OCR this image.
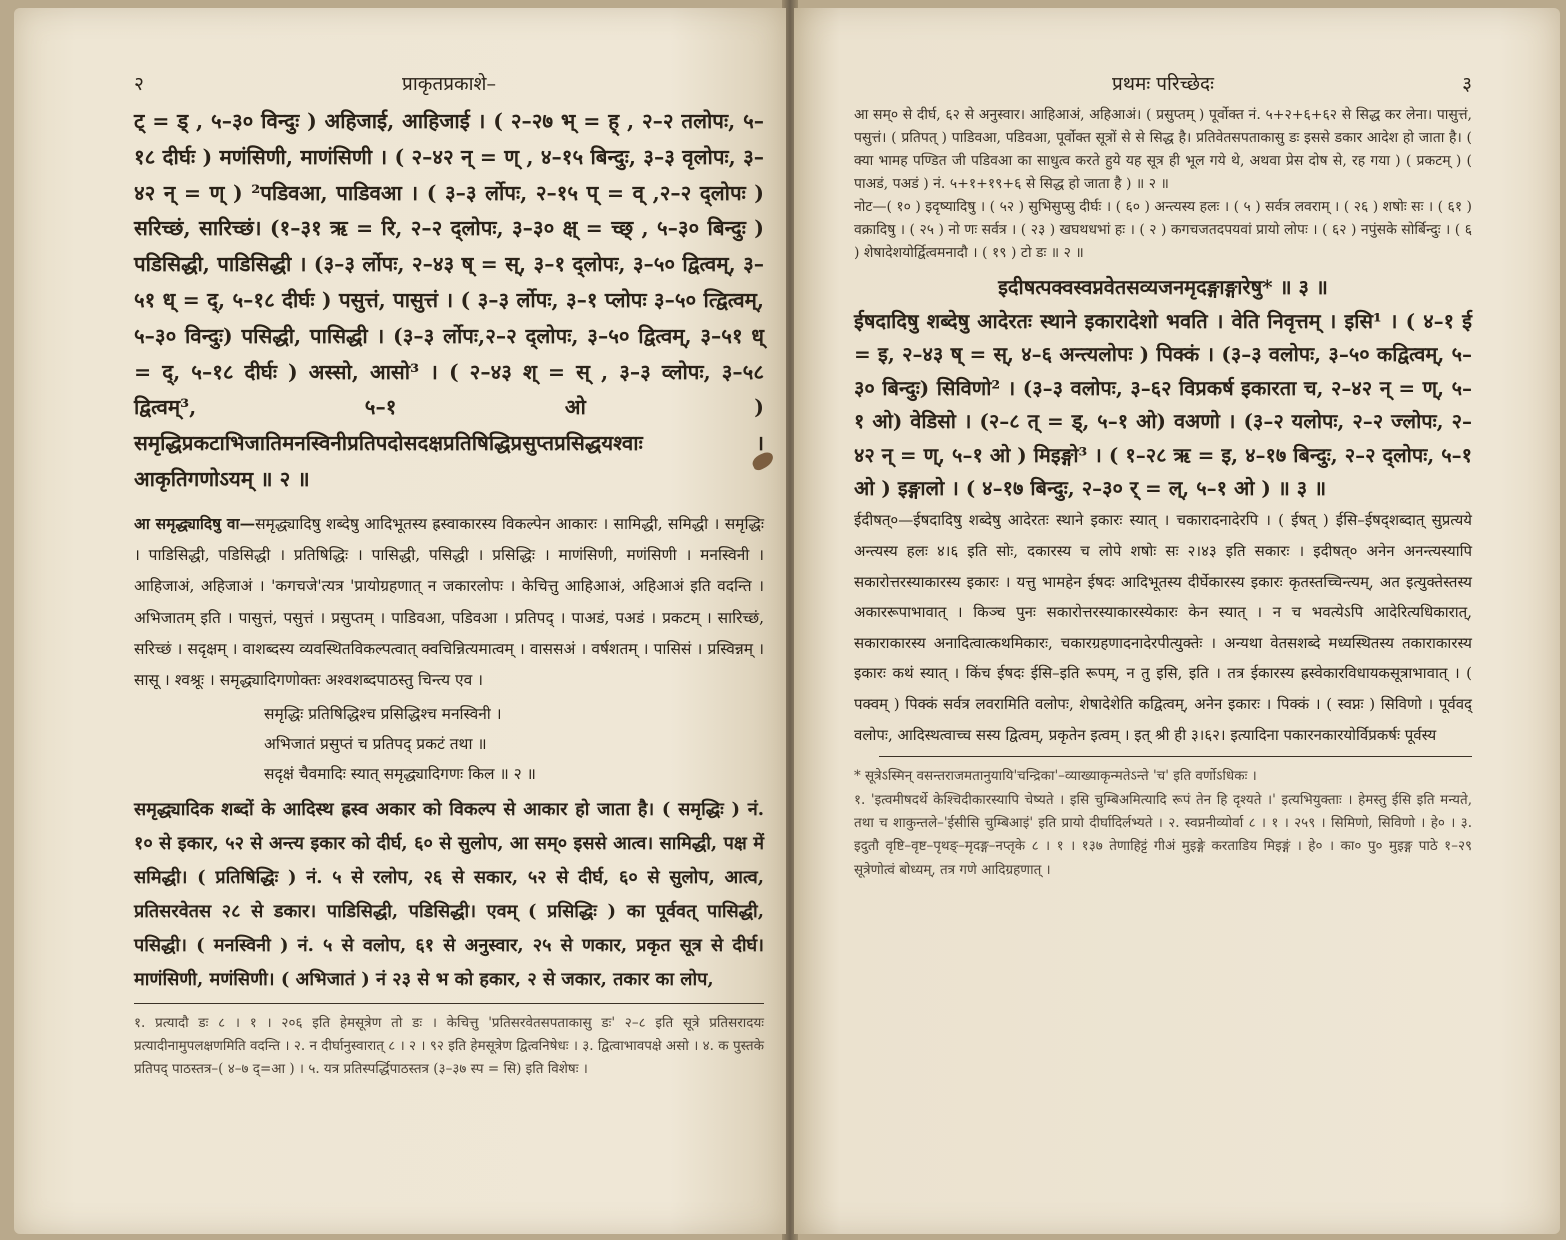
२	प्राकृतप्रकाशे–
ट् = ड् , ५–३० विन्दुः ) अहिजाई, आहिजाई । ( २–२७ भ् = ह् , २–२ तलोपः, ५–१८ दीर्घः ) मणंसिणी, माणंसिणी । ( २–४२ न् = ण् , ४–१५ बिन्दुः, ३–३ वृलोपः, ३–४२ न् = ण् ) ²पडिवआ, पाडिवआ । ( ३–३ र्लोपः, २–१५ प् = व् ,२–२ द्लोपः ) सरिच्छं, सारिच्छं। (१–३१ ऋ = रि, २–२ द्लोपः, ३–३० क्ष् = च्छ् , ५–३० बिन्दुः ) पडिसिद्धी, पाडिसिद्धी । (३–३ र्लोपः, २–४३ ष् = स्, ३–१ द्लोपः, ३–५० द्वित्वम्, ३–५१ ध् = द्, ५–१८ दीर्घः ) पसुत्तं, पासुत्तं । ( ३–३ र्लोपः, ३–१ प्लोपः ३–५० त्द्वित्वम्, ५–३० विन्दुः) पसिद्धी, पासिद्धी । (३–३ र्लोपः,२–२ द्लोपः, ३–५० द्वित्वम्, ३–५१ ध् = द्, ५–१८ दीर्घः ) अस्सो, आसो³ । ( २–४३ श् = स् , ३–३ व्लोपः, ३–५८ द्वित्वम्³, ५–१ ओ ) समृद्धिप्रकटाभिजातिमनस्विनीप्रतिपदोसदक्षप्रतिषिद्धिप्रसुप्तप्रसिद्धयश्वाः । आकृतिगणोऽयम् ॥ २ ॥
आ समृद्ध्यादिषु वा—समृद्ध्यादिषु शब्देषु आदिभूतस्य ह्रस्वाकारस्य विकल्पेन आकारः । सामिद्धी, समिद्धी । समृद्धिः । पाडिसिद्धी, पडिसिद्धी । प्रतिषिद्धिः । पासिद्धी, पसिद्धी । प्रसिद्धिः । माणंसिणी, मणंसिणी । मनस्विनी । आहिजाअं, अहिजाअं । 'कगचजे'त्यत्र 'प्रायोग्रहणात् न जकारलोपः । केचित्तु आहिआअं, अहिआअं इति वदन्ति । अभिजातम् इति । पासुत्तं, पसुत्तं । प्रसुप्तम् । पाडिवआ, पडिवआ । प्रतिपद् । पाअडं, पअडं । प्रकटम् । सारिच्छं, सरिच्छं । सदृक्षम् । वाशब्दस्य व्यवस्थितविकल्पत्वात् क्वचिन्नित्यमात्वम् । वाससअं । वर्षशतम् । पासिसं । प्रस्विन्नम् । सासू । श्वश्रूः । समृद्ध्यादिगणोक्तः अश्वशब्दपाठस्तु चिन्त्य एव ।
समृद्धिः प्रतिषिद्धिश्च प्रसिद्धिश्च मनस्विनी ।
अभिजातं प्रसुप्तं च प्रतिपद् प्रकटं तथा ॥
सदृक्षं चैवमादिः स्यात् समृद्ध्यादिगणः किल ॥ २ ॥
समृद्ध्यादिक शब्दों के आदिस्थ ह्रस्व अकार को विकल्प से आकार हो जाता है। ( समृद्धिः ) नं. १० से इकार, ५२ से अन्त्य इकार को दीर्घ, ६० से सुलोप, आ सम्० इससे आत्व। सामिद्धी, पक्ष में समिद्धी। ( प्रतिषिद्धिः ) नं. ५ से रलोप, २६ से सकार, ५२ से दीर्घ, ६० से सुलोप, आत्व, प्रतिसरवेतस २८ से डकार। पाडिसिद्धी, पडिसिद्धी। एवम् ( प्रसिद्धिः ) का पूर्ववत् पासिद्धी, पसिद्धी। ( मनस्विनी ) नं. ५ से वलोप, ६१ से अनुस्वार, २५ से णकार, प्रकृत सूत्र से दीर्घ। माणंसिणी, मणंसिणी। ( अभिजातं ) नं २३ से भ को हकार, २ से जकार, तकार का लोप,
१. प्रत्यादौ डः ८ । १ । २०६ इति हेमसूत्रेण तो डः । केचित्तु 'प्रतिसरवेतसपताकासु डः' २–८ इति सूत्रे प्रतिसरादयः प्रत्यादीनामुपलक्षणमिति वदन्ति । २. न दीर्घानुस्वारात् ८ । २ । ९२ इति हेमसूत्रेण द्वित्वनिषेधः । ३. द्वित्वाभावपक्षे असो । ४. क पुस्तके प्रतिपद् पाठस्तत्र–( ४–७ द्=आ ) । ५. यत्र प्रतिस्पर्द्धिपाठस्तत्र (३–३७ स्प = सि) इति विशेषः ।
३
प्रथमः परिच्छेदः
आ सम्० से दीर्घ, ६२ से अनुस्वार। आहिआअं, अहिआअं। ( प्रसुप्तम् ) पूर्वोक्त नं. ५+२+६+६२ से सिद्ध कर लेना। पासुत्तं, पसुत्तं। ( प्रतिपत् ) पाडिवआ, पडिवआ, पूर्वोक्त सूत्रों से से सिद्ध है। प्रतिवेतसपताकासु डः इससे डकार आदेश हो जाता है। ( क्या भामह पण्डित जी पडिवआ का साधुत्व करते हुये यह सूत्र ही भूल गये थे, अथवा प्रेस दोष से, रह गया ) ( प्रकटम् ) ( पाअडं, पअडं ) नं. ५+१+१९+६ से सिद्ध हो जाता है ) ॥ २ ॥
नोट—( १० ) इदृष्यादिषु । ( ५२ ) सुभिसुप्सु दीर्घः । ( ६० ) अन्त्यस्य हलः । ( ५ ) सर्वत्र लवराम् । ( २६ ) शषोः सः । ( ६१ ) वक्रादिषु । ( २५ ) नो णः सर्वत्र । ( २३ ) खघथधभां हः । ( २ ) कगचजतदपयवां प्रायो लोपः । ( ६२ ) नपुंसके सोर्बिन्दुः । ( ६ ) शेषादेशयोर्द्वित्वमनादौ । ( १९ ) टो डः ॥ २ ॥
इदीषत्पक्वस्वप्नवेतसव्यजनमृदङ्गाङ्गारेषु* ॥ ३ ॥
ईषदादिषु शब्देषु आदेरतः स्थाने इकारादेशो भवति । वेति निवृत्तम् । इसि¹ । ( ४–१ ई = इ, २–४३ ष् = स्, ४–६ अन्त्यलोपः ) पिक्कं । (३–३ वलोपः, ३–५० कद्वित्वम्, ५–३० बिन्दुः) सिविणो² । (३–३ वलोपः, ३–६२ विप्रकर्ष इकारता च, २–४२ न् = ण्, ५–१ ओ) वेडिसो । (२–८ त् = ड्, ५–१ ओ) वअणो । (३–२ यलोपः, २–२ ज्लोपः, २–४२ न् = ण्, ५–१ ओ ) मिइङ्गो³ । ( १–२८ ऋ = इ, ४–१७ बिन्दुः, २–२ द्लोपः, ५–१ ओ ) इङ्गालो । ( ४–१७ बिन्दुः, २–३० र् = ल्, ५–१ ओ ) ॥ ३ ॥
ईदीषत्०—ईषदादिषु शब्देषु आदेरतः स्थाने इकारः स्यात् । चकारादनादेरपि । ( ईषत् ) ईसि–ईषद्शब्दात् सुप्रत्यये अन्त्यस्य हलः ४।६ इति सोः, दकारस्य च लोपे शषोः सः २।४३ इति सकारः । इदीषत्० अनेन अनन्त्यस्यापि सकारोत्तरस्याकारस्य इकारः । यत्तु भामहेन ईषदः आदिभूतस्य दीर्घेकारस्य इकारः कृतस्तच्चिन्त्यम्, अत इत्युक्तेस्तस्य अकाररूपाभावात् । किञ्च पुनः सकारोत्तरस्याकारस्येकारः केन स्यात् । न च भवत्येऽपि आदेरित्यधिकारात्, सकाराकारस्य अनादित्वात्कथमिकारः, चकारग्रहणादनादेरपीत्युक्तेः । अन्यथा वेतसशब्दे मध्यस्थितस्य तकाराकारस्य इकारः कथं स्यात् । किंच ईषदः ईसि–इति रूपम्, न तु इसि, इति । तत्र ईकारस्य ह्रस्वेकारविधायकसूत्राभावात् । ( पक्वम् ) पिक्कं सर्वत्र लवरामिति वलोपः, शेषादेशेति कद्वित्वम्, अनेन इकारः । पिक्कं । ( स्वप्नः ) सिविणो । पूर्ववद् वलोपः, आदिस्थत्वाच्च सस्य द्वित्वम्, प्रकृतेन इत्वम् । इत् श्री ही ३।६२। इत्यादिना पकारनकारयोर्विप्रकर्षः पूर्वस्य
* सूत्रेऽस्मिन् वसन्तराजमतानुयायि'चन्द्रिका'–व्याख्याकृन्मतेऽन्ते 'च' इति वर्णोऽधिकः ।
१. 'इत्वमीषदर्थे केश्चिदीकारस्यापि चेष्यते । इसि चुम्बिअमित्यादि रूपं तेन हि दृश्यते ।' इत्यभियुक्ताः । हेमस्तु ईसि इति मन्यते, तथा च शाकुन्तले–'ईसीसि चुम्बिआइं' इति प्रायो दीर्घादिर्लभ्यते । २. स्वप्ननीव्योर्वा ८ । १ । २५९ । सिमिणो, सिविणो । हे० । ३. इदुतौ वृष्टि–वृष्ट–पृथङ्–मृदङ्ग–नप्तृके ८ । १ । १३७ तेणाहिट्टं गीअं मुइङ्गे करताडिय मिइङ्गं । हे० । का० पु० मुइङ्ग पाठे १–२९ सूत्रेणोत्वं बोध्यम्, तत्र गणे आदिग्रहणात् ।
